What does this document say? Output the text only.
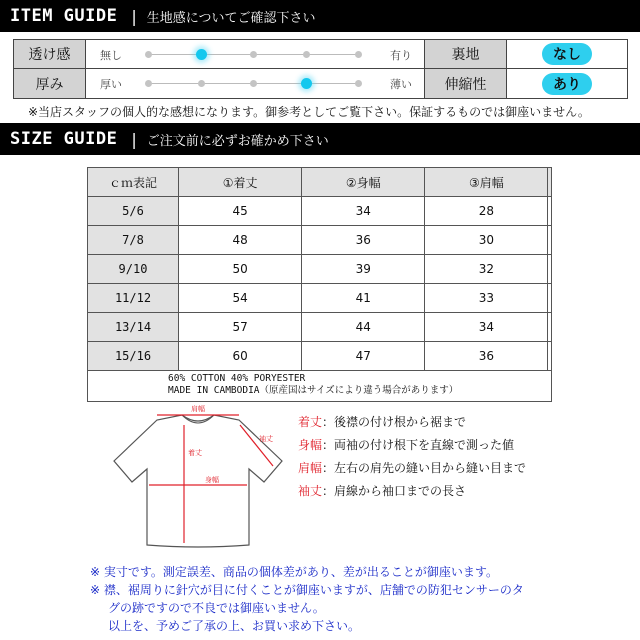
ITEM GUIDE | 生地感についてご確認下さい
透け感	無し	有り	裏地	なし
厚み	厚い	薄い	伸縮性	あり
※当店スタッフの個人的な感想になります。御参考としてご覧下さい。保証するものでは御座いません。
SIZE GUIDE | ご注文前に必ずお確かめ下さい
ｃｍ表記	①着丈	②身幅	③肩幅	
5/6	45	34	28	
7/8	48	36	30	
9/10	50	39	32	
11/12	54	41	33	
13/14	57	44	34	
15/16	60	47	36	

60% COTTON 40% PORYESTER
MADE IN CAMBODIA（原産国はサイズにより違う場合があります）				
肩幅
着丈
身幅
袖丈
着丈：後襟の付け根から裾まで
身幅：両袖の付け根下を直線で測った値
肩幅：左右の肩先の縫い目から縫い目まで
袖丈：肩線から袖口までの長さ
※ 実寸です。測定誤差、商品の個体差があり、差が出ることが御座います。
※ 襟、裾周りに針穴が目に付くことが御座いますが、店舗での防犯センサーのタ
グの跡ですので不良では御座いません。
以上を、予めご了承の上、お買い求め下さい。
